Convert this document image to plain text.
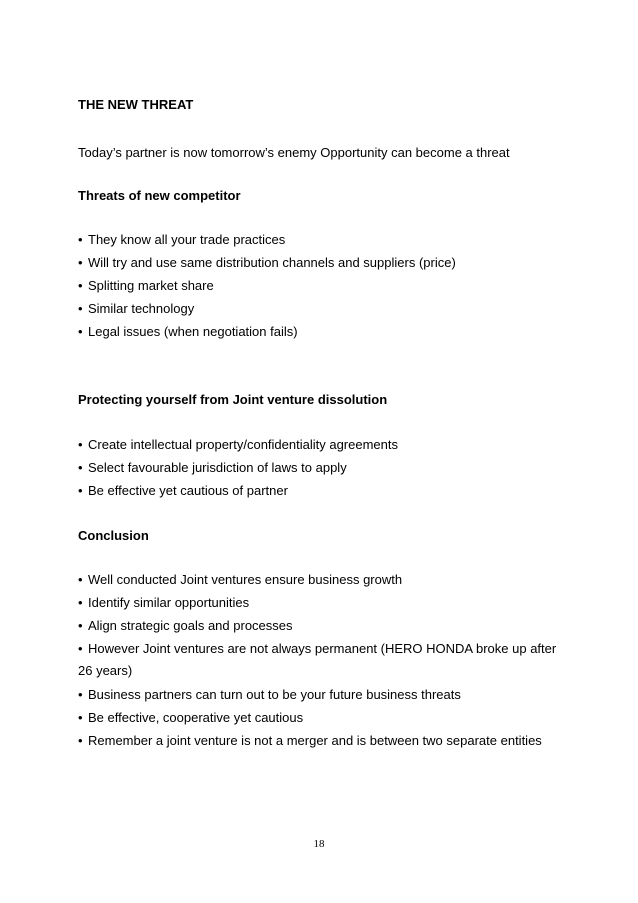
THE NEW THREAT
Today’s partner is now tomorrow’s enemy Opportunity can become a threat
Threats of new competitor
• They know all your trade practices
• Will try and use same distribution channels and suppliers (price)
• Splitting market share
• Similar technology
• Legal issues (when negotiation fails)
Protecting yourself from Joint venture dissolution
• Create intellectual property/confidentiality agreements
• Select favourable jurisdiction of laws to apply
• Be effective yet cautious of partner
Conclusion
• Well conducted Joint ventures ensure business growth
• Identify similar opportunities
• Align strategic goals and processes
• However Joint ventures are not always permanent (HERO HONDA broke up after 26 years)
• Business partners can turn out to be your future business threats
• Be effective, cooperative yet cautious
• Remember a joint venture is not a merger and is between two separate entities
18
